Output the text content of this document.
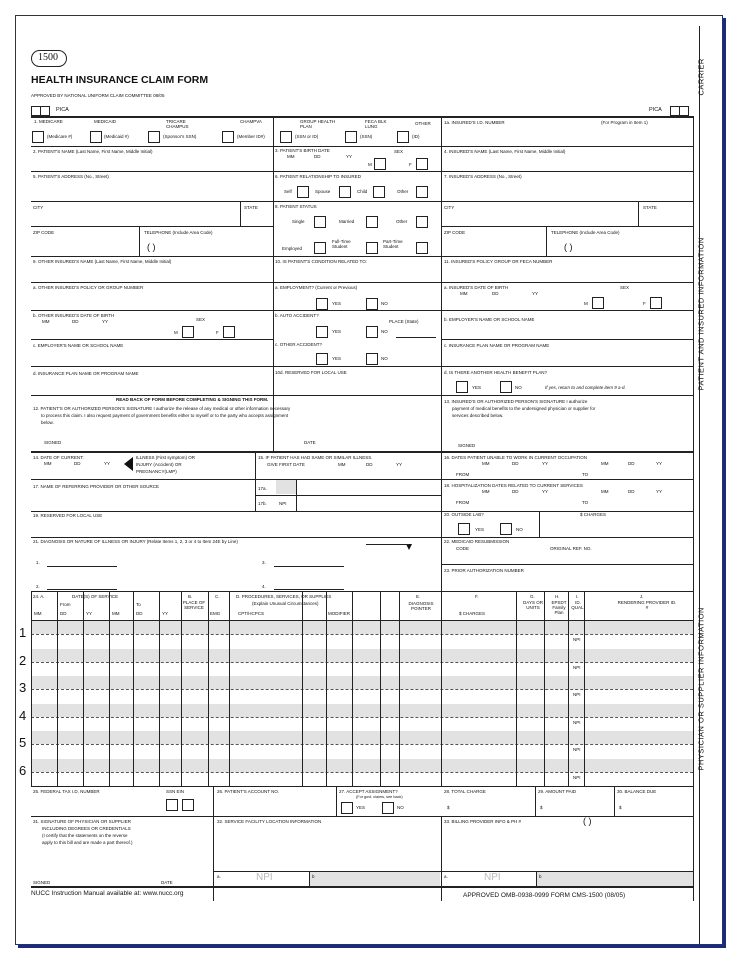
1500
HEALTH INSURANCE CLAIM FORM
APPROVED BY NATIONAL UNIFORM CLAIM COMMITTEE 08/05
PICA	PICA
CARRIER
PATIENT AND INSURED INFORMATION
PHYSICIAN OR SUPPLIER INFORMATION
1. MEDICARE	MEDICAID	TRICARE CHAMPUS
CHAMPVA	GROUP HEALTH PLAN
FECA BLK LUNG
OTHER
(Medicare #)	(Medicaid #)	(Sponsor's SSN)	(Member ID#)	(SSN or ID)	(SSN)	(ID)
1a. INSURED'S I.D. NUMBER	(For Program in Item 1)
2. PATIENT'S NAME (Last Name, First Name, Middle Initial)	3. PATIENT'S BIRTH DATE
MM	DD	YY
SEX
M	F
4. INSURED'S NAME (Last Name, First Name, Middle Initial)
5. PATIENT'S ADDRESS (No., Street)	6. PATIENT RELATIONSHIP TO INSURED
Self	Spouse	Child	Other
7. INSURED'S ADDRESS (No., Street)
CITY	STATE	8. PATIENT STATUS
Single	Married	Other
CITY	STATE
ZIP CODE	TELEPHONE (Include Area Code)
( )	Employed
Full-Time Student
Part-Time Student
ZIP CODE	TELEPHONE (Include Area Code)
( )
9. OTHER INSURED'S NAME (Last Name, First Name, Middle Initial)	10. IS PATIENT'S CONDITION RELATED TO:	11. INSURED'S POLICY GROUP OR FECA NUMBER
a. OTHER INSURED'S POLICY OR GROUP NUMBER	a. EMPLOYMENT? (Current or Previous)
YES	NO
a. INSURED'S DATE OF BIRTH
MM	DD	YY
SEX
M	F
b. OTHER INSURED'S DATE OF BIRTH
MM	DD	YY	SEX
M	F
b. AUTO ACCIDENT?
PLACE (State)
YES	NO
b. EMPLOYER'S NAME OR SCHOOL NAME
c. EMPLOYER'S NAME OR SCHOOL NAME	c. OTHER ACCIDENT?
YES	NO
c. INSURANCE PLAN NAME OR PROGRAM NAME
d. INSURANCE PLAN NAME OR PROGRAM NAME	10d. RESERVED FOR LOCAL USE	d. IS THERE ANOTHER HEALTH BENEFIT PLAN?
YES	NO	If yes, return to and complete item 9 a-d.
READ BACK OF FORM BEFORE COMPLETING & SIGNING THIS FORM.
12. PATIENT'S OR AUTHORIZED PERSON'S SIGNATURE I authorize the release of any medical or other information necessary
to process this claim. I also request payment of government benefits either to myself or to the party who accepts assignment
below.
SIGNED	DATE
13. INSURED'S OR AUTHORIZED PERSON'S SIGNATURE I authorize
payment of medical benefits to the undersigned physician or supplier for
services described below.
SIGNED
14. DATE OF CURRENT:
MM	DD	YY
ILLNESS (First symptom) OR
INJURY (Accident) OR
PREGNANCY(LMP)
15. IF PATIENT HAS HAD SAME OR SIMILAR ILLNESS.
GIVE FIRST DATE	MM	DD	YY
16. DATES PATIENT UNABLE TO WORK IN CURRENT OCCUPATION
MM	DD	YY	MM	DD	YY
FROM	TO
17. NAME OF REFERRING PROVIDER OR OTHER SOURCE	17a.
17b.	NPI
18. HOSPITALIZATION DATES RELATED TO CURRENT SERVICES
MM	DD	YY	MM	DD	YY
FROM	TO
19. RESERVED FOR LOCAL USE	20. OUTSIDE LAB?	$ CHARGES
YES	NO
21. DIAGNOSIS OR NATURE OF ILLNESS OR INJURY (Relate Items 1, 2, 3 or 4 to Item 24E by Line)
1.	3.
2.	4.
22. MEDICAID RESUBMISSION
CODE	ORIGINAL REF. NO.
23. PRIOR AUTHORIZATION NUMBER
24. A.	DATE(S) OF SERVICE
From	To
MM	DD	YY	MM	DD	YY
B.
PLACE OF SERVICE
C.
EMG
D. PROCEDURES, SERVICES, OR SUPPLIES
(Explain Unusual Circumstances)
CPT/HCPCS	MODIFIER
E.
DIAGNOSIS POINTER
F.
$ CHARGES
G.
DAYS OR UNITS
H.
EPSDT Family Plan
I.
ID. QUAL.
J.
RENDERING PROVIDER ID. #
1	NPI
2	NPI
3	NPI
4	NPI
5	NPI
6	NPI
25. FEDERAL TAX I.D. NUMBER	SSN EIN	26. PATIENT'S ACCOUNT NO.	27. ACCEPT ASSIGNMENT?
(For govt. claims, see back)
YES	NO
28. TOTAL CHARGE
$
29. AMOUNT PAID
$
30. BALANCE DUE
$
31. SIGNATURE OF PHYSICIAN OR SUPPLIER
INCLUDING DEGREES OR CREDENTIALS
(I certify that the statements on the reverse
apply to this bill and are made a part thereof.)
SIGNED	DATE
32. SERVICE FACILITY LOCATION INFORMATION	33. BILLING PROVIDER INFO & PH #	( )
a.	NPI	b	a.	NPI	b
NUCC Instruction Manual available at: www.nucc.org	APPROVED OMB-0938-0999 FORM CMS-1500 (08/05)
